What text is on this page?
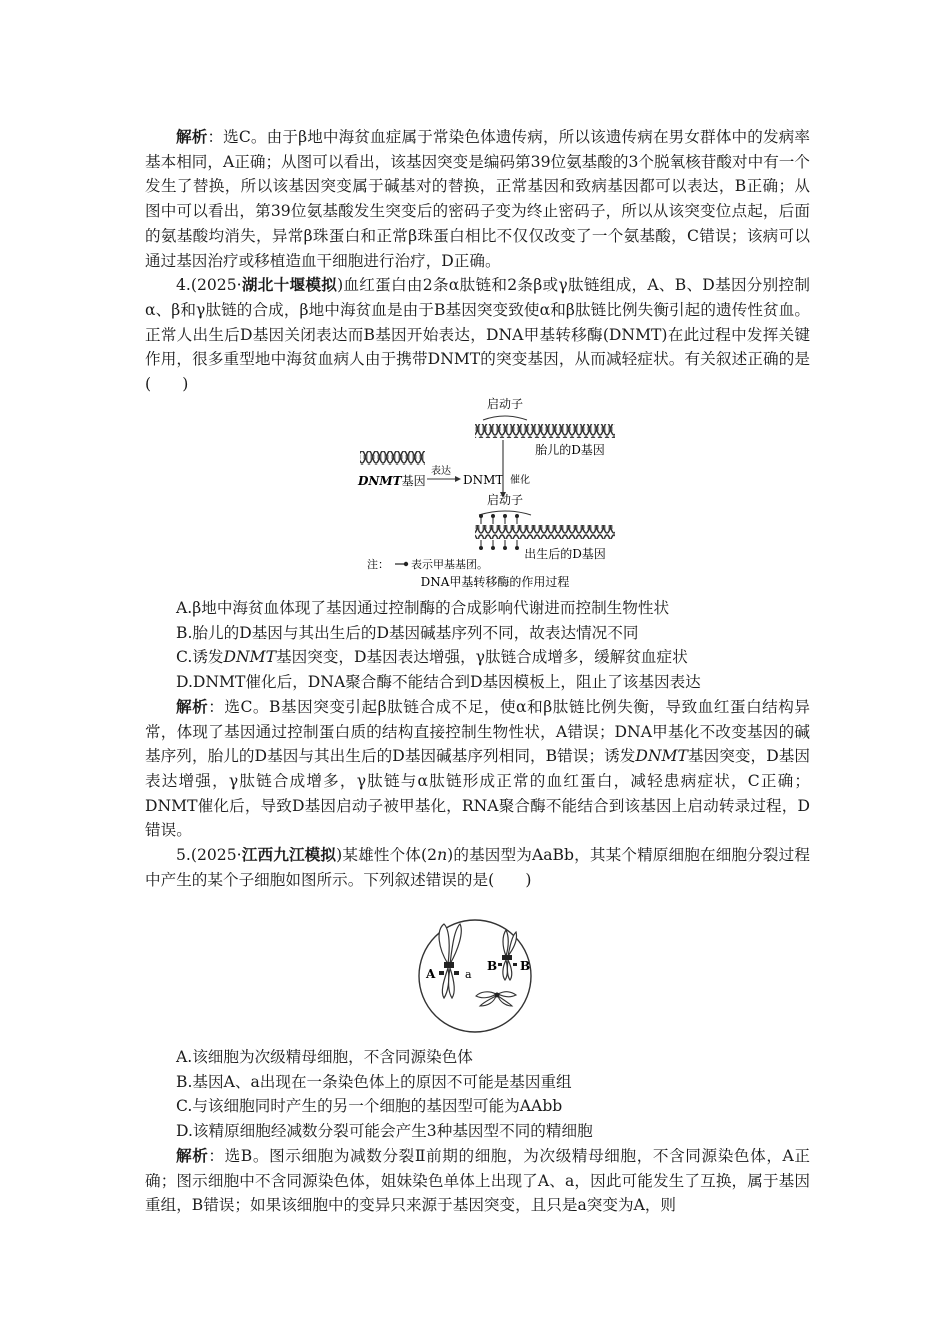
解析：选C。由于β地中海贫血症属于常染色体遗传病，所以该遗传病在男女群体中的发病率基本相同，A正确；从图可以看出，该基因突变是编码第39位氨基酸的3个脱氧核苷酸对中有一个发生了替换，所以该基因突变属于碱基对的替换，正常基因和致病基因都可以表达，B正确；从图中可以看出，第39位氨基酸发生突变后的密码子变为终止密码子，所以从该突变位点起，后面的氨基酸均消失，异常β珠蛋白和正常β珠蛋白相比不仅仅改变了一个氨基酸，C错误；该病可以通过基因治疗或移植造血干细胞进行治疗，D正确。

4.(2025·湖北十堰模拟)血红蛋白由2条α肽链和2条β或γ肽链组成，A、B、D基因分别控制α、β和γ肽链的合成，β地中海贫血是由于B基因突变致使α和β肽链比例失衡引起的遗传性贫血。正常人出生后D基因关闭表达而B基因开始表达，DNA甲基转移酶(DNMT)在此过程中发挥关键作用，很多重型地中海贫血病人由于携带DNMT的突变基因，从而减轻症状。有关叙述正确的是(　　)

启动子
胎儿的D基因
DNMT基因
表达
DNMT 催化
启动子
出生后的D基因
注： 表示甲基基团。
DNA甲基转移酶的作用过程

A.β地中海贫血体现了基因通过控制酶的合成影响代谢进而控制生物性状

B.胎儿的D基因与其出生后的D基因碱基序列不同，故表达情况不同

C.诱发DNMT基因突变，D基因表达增强，γ肽链合成增多，缓解贫血症状

D.DNMT催化后，DNA聚合酶不能结合到D基因模板上，阻止了该基因表达

解析：选C。B基因突变引起β肽链合成不足，使α和β肽链比例失衡，导致血红蛋白结构异常，体现了基因通过控制蛋白质的结构直接控制生物性状，A错误；DNA甲基化不改变基因的碱基序列，胎儿的D基因与其出生后的D基因碱基序列相同，B错误；诱发DNMT基因突变，D基因表达增强，γ肽链合成增多，γ肽链与α肽链形成正常的血红蛋白，减轻患病症状，C正确；DNMT催化后，导致D基因启动子被甲基化，RNA聚合酶不能结合到该基因上启动转录过程，D错误。

5.(2025·江西九江模拟)某雄性个体(2n)的基因型为AaBb，其某个精原细胞在细胞分裂过程中产生的某个子细胞如图所示。下列叙述错误的是(　　)

A	a
B B

A.该细胞为次级精母细胞，不含同源染色体

B.基因A、a出现在一条染色体上的原因不可能是基因重组

C.与该细胞同时产生的另一个细胞的基因型可能为AAbb

D.该精原细胞经减数分裂可能会产生3种基因型不同的精细胞

解析：选B。图示细胞为减数分裂Ⅱ前期的细胞，为次级精母细胞，不含同源染色体，A正确；图示细胞中不含同源染色体，姐妹染色单体上出现了A、a，因此可能发生了互换，属于基因重组，B错误；如果该细胞中的变异只来源于基因突变，且只是a突变为A，则
